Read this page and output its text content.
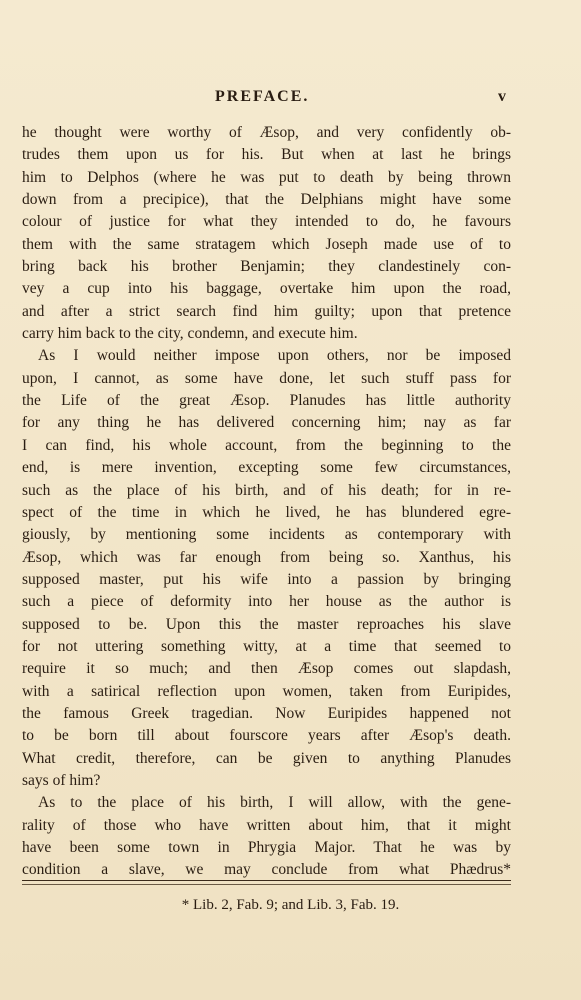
PREFACE.	v
he thought were worthy of Æsop, and very confidently ob-
trudes them upon us for his. But when at last he brings
him to Delphos (where he was put to death by being thrown
down from a precipice), that the Delphians might have some
colour of justice for what they intended to do, he favours
them with the same stratagem which Joseph made use of to
bring back his brother Benjamin; they clandestinely con-
vey a cup into his baggage, overtake him upon the road,
and after a strict search find him guilty; upon that pretence
carry him back to the city, condemn, and execute him.
As I would neither impose upon others, nor be imposed
upon, I cannot, as some have done, let such stuff pass for
the Life of the great Æsop. Planudes has little authority
for any thing he has delivered concerning him; nay as far
I can find, his whole account, from the beginning to the
end, is mere invention, excepting some few circumstances,
such as the place of his birth, and of his death; for in re-
spect of the time in which he lived, he has blundered egre-
giously, by mentioning some incidents as contemporary with
Æsop, which was far enough from being so. Xanthus, his
supposed master, put his wife into a passion by bringing
such a piece of deformity into her house as the author is
supposed to be. Upon this the master reproaches his slave
for not uttering something witty, at a time that seemed to
require it so much; and then Æsop comes out slapdash,
with a satirical reflection upon women, taken from Euripides,
the famous Greek tragedian. Now Euripides happened not
to be born till about fourscore years after Æsop's death.
What credit, therefore, can be given to anything Planudes
says of him?
As to the place of his birth, I will allow, with the gene-
rality of those who have written about him, that it might
have been some town in Phrygia Major. That he was by
condition a slave, we may conclude from what Phædrus*
* Lib. 2, Fab. 9; and Lib. 3, Fab. 19.
